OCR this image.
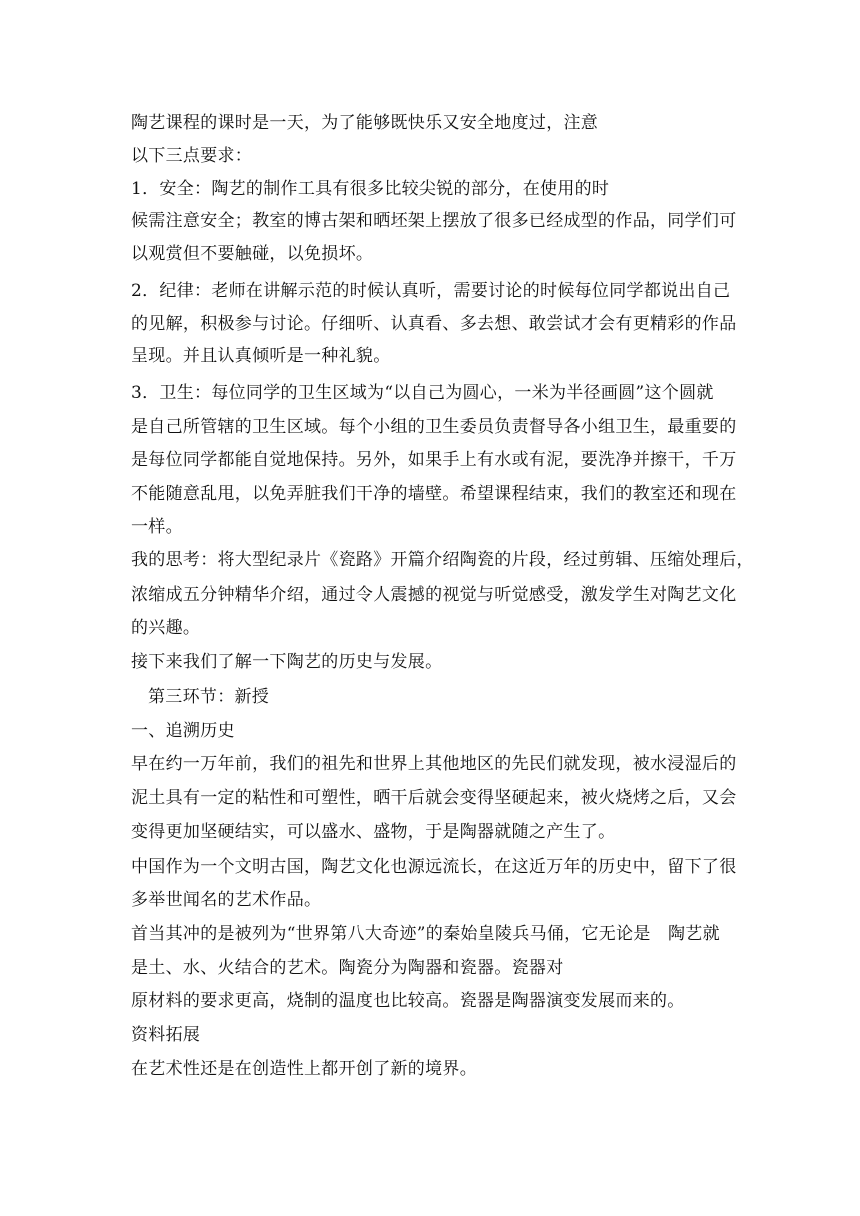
陶艺课程的课时是一天，为了能够既快乐又安全地度过，注意
以下三点要求：
1．安全：陶艺的制作工具有很多比较尖锐的部分，在使用的时
候需注意安全；教室的博古架和晒坯架上摆放了很多已经成型的作品，同学们可
以观赏但不要触碰，以免损坏。
2．纪律：老师在讲解示范的时候认真听，需要讨论的时候每位同学都说出自己
的见解，积极参与讨论。仔细听、认真看、多去想、敢尝试才会有更精彩的作品
呈现。并且认真倾听是一种礼貌。
3．卫生：每位同学的卫生区域为“以自己为圆心，一米为半径画圆”这个圆就
是自己所管辖的卫生区域。每个小组的卫生委员负责督导各小组卫生，最重要的
是每位同学都能自觉地保持。另外，如果手上有水或有泥，要洗净并擦干，千万
不能随意乱甩，以免弄脏我们干净的墙壁。希望课程结束，我们的教室还和现在
一样。
我的思考：将大型纪录片《瓷路》开篇介绍陶瓷的片段，经过剪辑、压缩处理后，
浓缩成五分钟精华介绍，通过令人震撼的视觉与听觉感受，激发学生对陶艺文化
的兴趣。
接下来我们了解一下陶艺的历史与发展。
第三环节：新授
一、追溯历史
早在约一万年前，我们的祖先和世界上其他地区的先民们就发现，被水浸湿后的
泥土具有一定的粘性和可塑性，晒干后就会变得坚硬起来，被火烧烤之后，又会
变得更加坚硬结实，可以盛水、盛物，于是陶器就随之产生了。
中国作为一个文明古国，陶艺文化也源远流长，在这近万年的历史中，留下了很
多举世闻名的艺术作品。
首当其冲的是被列为“世界第八大奇迹”的秦始皇陵兵马俑，它无论是　陶艺就
是土、水、火结合的艺术。陶瓷分为陶器和瓷器。瓷器对
原材料的要求更高，烧制的温度也比较高。瓷器是陶器演变发展而来的。
资料拓展
在艺术性还是在创造性上都开创了新的境界。
